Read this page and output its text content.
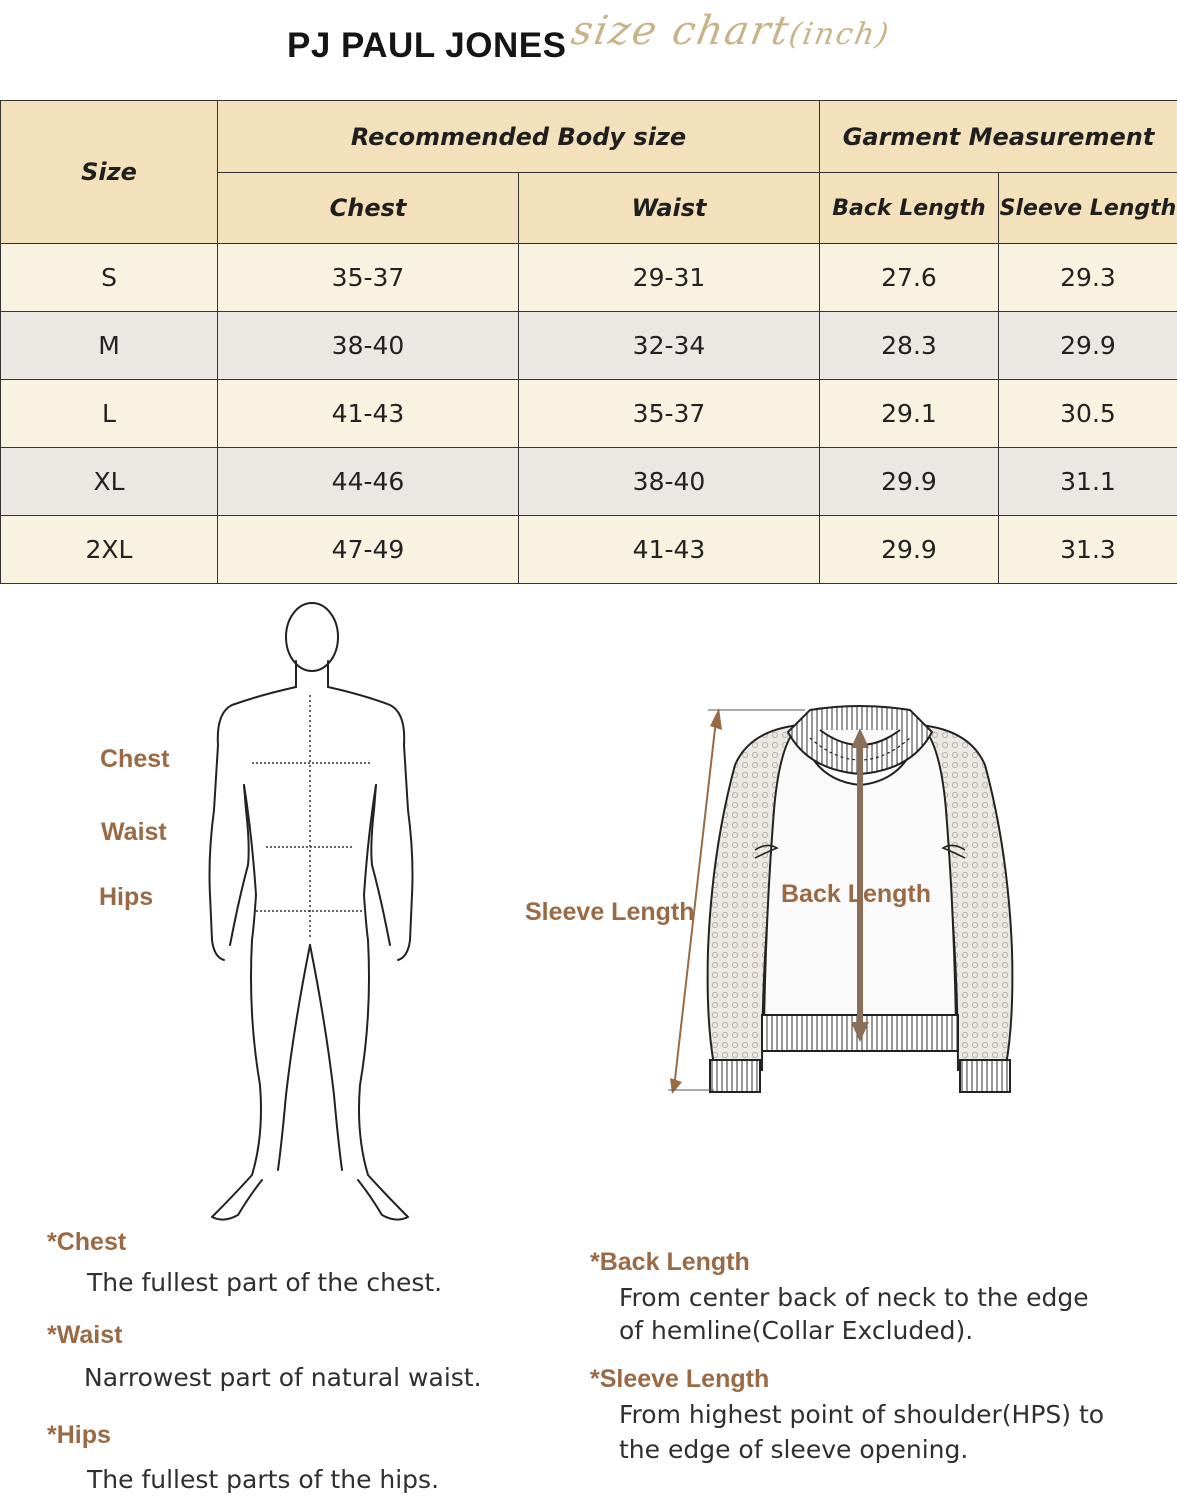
PJ PAUL JONES size chart(inch)
Size	Recommended Body size		Garment Measurement	
	Chest	Waist	Back Length	Sleeve Length
S	35-37	29-31	27.6	29.3
M	38-40	32-34	28.3	29.9
L	41-43	35-37	29.1	30.5
XL	44-46	38-40	29.9	31.1
2XL	47-49	41-43	29.9	31.3
Chest
Waist
Hips
Sleeve Length
Back Length
*Chest
The fullest part of the chest.
*Waist
Narrowest part of natural waist.
*Hips
The fullest parts of the hips.
*Back Length
From center back of neck to the edge
of hemline(Collar Excluded).
*Sleeve Length
From highest point of shoulder(HPS) to
the edge of sleeve opening.
